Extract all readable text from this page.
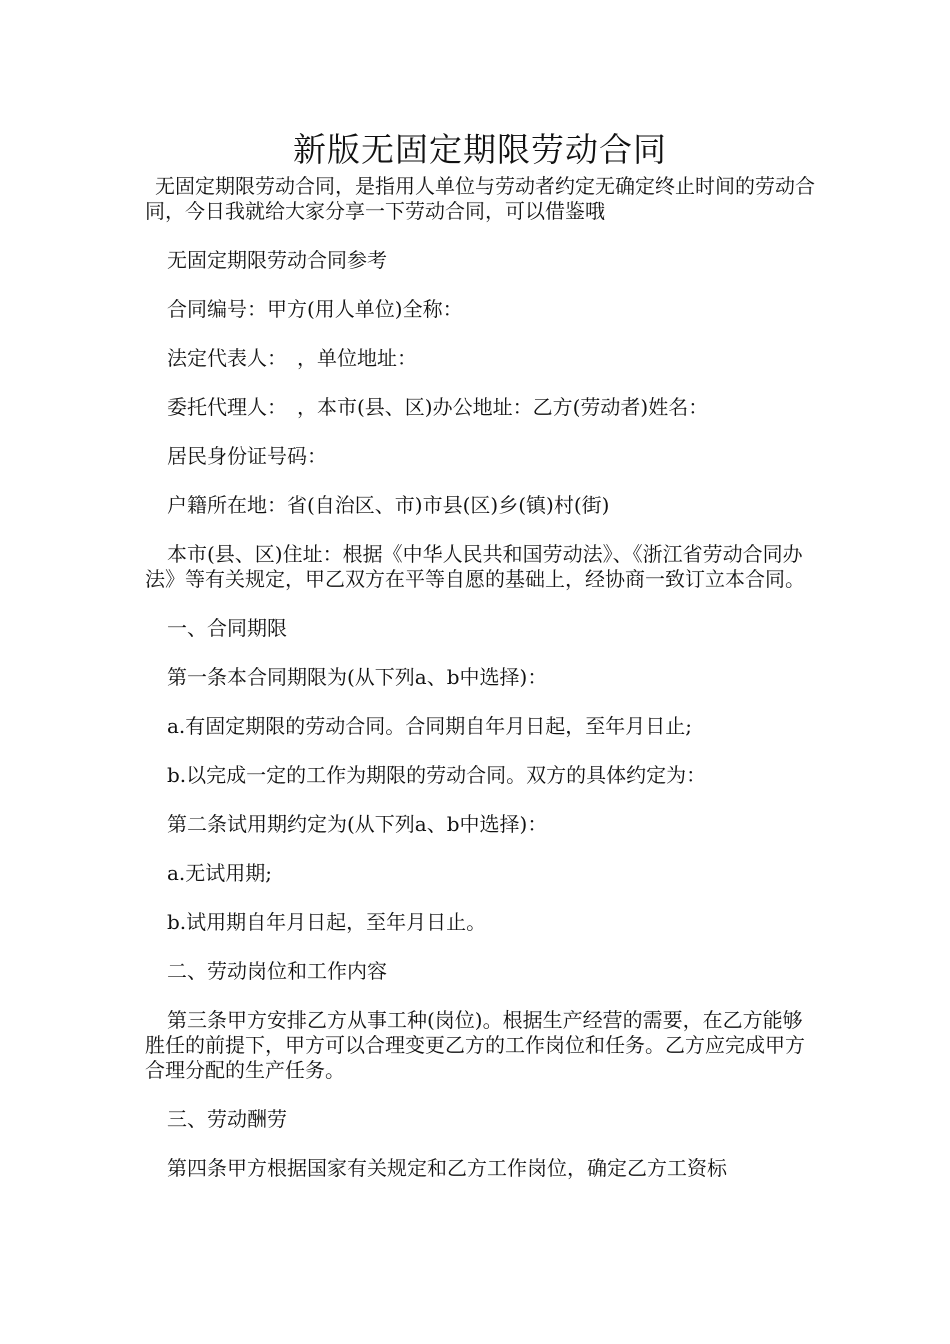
新版无固定期限劳动合同

无固定期限劳动合同，是指用人单位与劳动者约定无确定终止时间的劳动合同，今日我就给大家分享一下劳动合同，可以借鉴哦

无固定期限劳动合同参考

合同编号：甲方(用人单位)全称：

法定代表人：　，单位地址：

委托代理人：　，本市(县、区)办公地址：乙方(劳动者)姓名：

居民身份证号码：

户籍所在地：省(自治区、市)市县(区)乡(镇)村(街)

本市(县、区)住址：根据《中华人民共和国劳动法》、《浙江省劳动合同办法》等有关规定，甲乙双方在平等自愿的基础上，经协商一致订立本合同。

一、合同期限

第一条本合同期限为(从下列a、b中选择)：

a.有固定期限的劳动合同。合同期自年月日起，至年月日止;

b.以完成一定的工作为期限的劳动合同。双方的具体约定为：

第二条试用期约定为(从下列a、b中选择)：

a.无试用期;

b.试用期自年月日起，至年月日止。

二、劳动岗位和工作内容

第三条甲方安排乙方从事工种(岗位)。根据生产经营的需要，在乙方能够胜任的前提下，甲方可以合理变更乙方的工作岗位和任务。乙方应完成甲方合理分配的生产任务。

三、劳动酬劳

第四条甲方根据国家有关规定和乙方工作岗位，确定乙方工资标
